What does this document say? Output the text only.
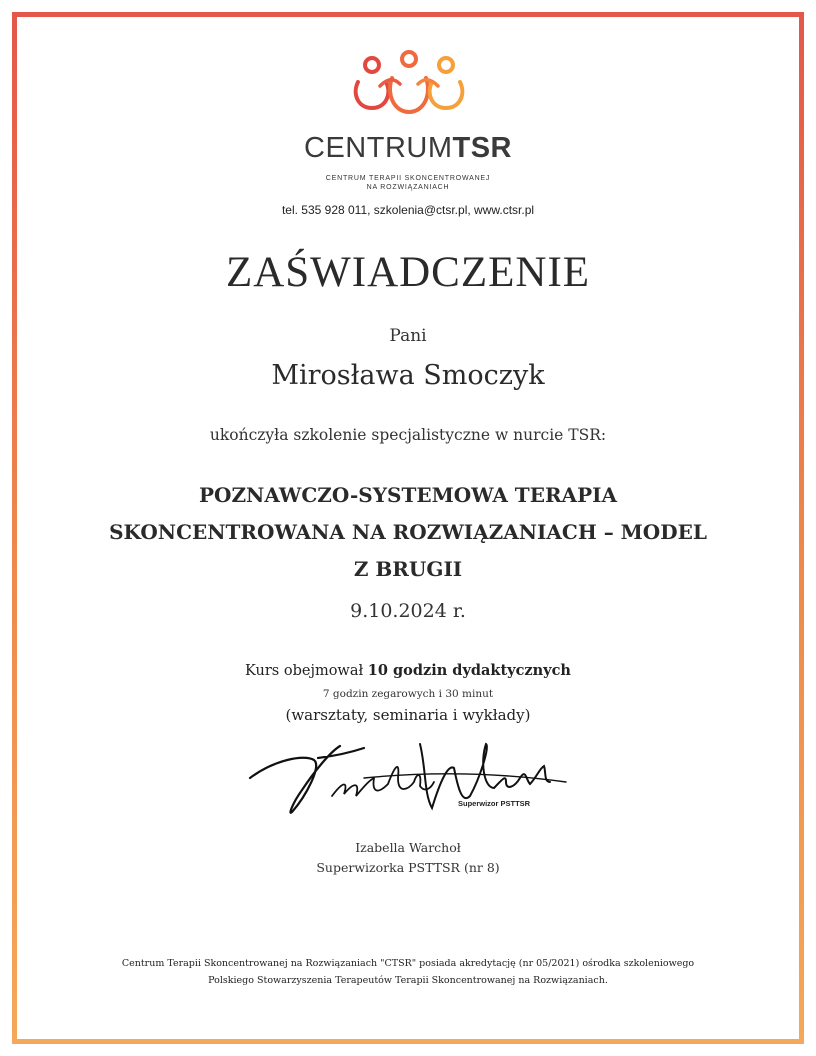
CENTRUMTSR
CENTRUM TERAPII SKONCENTROWANEJ
NA ROZWIĄZANIACH
tel. 535 928 011, szkolenia@ctsr.pl, www.ctsr.pl
ZAŚWIADCZENIE
Pani
Mirosława Smoczyk
ukończyła szkolenie specjalistyczne w nurcie TSR:
POZNAWCZO-SYSTEMOWA TERAPIA
SKONCENTROWANA NA ROZWIĄZANIACH – MODEL
Z BRUGII
9.10.2024 r.
Kurs obejmował 10 godzin dydaktycznych
7 godzin zegarowych i 30 minut
(warsztaty, seminaria i wykłady)
Superwizor PSTTSR
Izabella Warchoł
Superwizorka PSTTSR (nr 8)
Centrum Terapii Skoncentrowanej na Rozwiązaniach "CTSR" posiada akredytację (nr 05/2021) ośrodka szkoleniowego
Polskiego Stowarzyszenia Terapeutów Terapii Skoncentrowanej na Rozwiązaniach.
